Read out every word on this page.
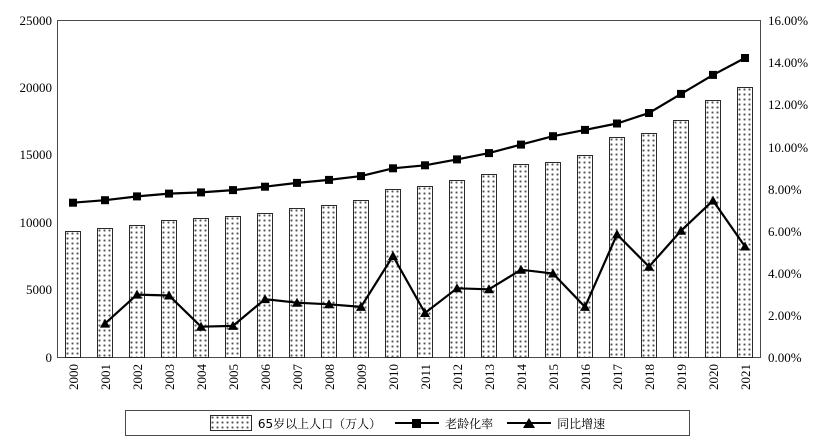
0
5000
10000
15000
20000
25000
0.00%
2.00%
4.00%
6.00%
8.00%
10.00%
12.00%
14.00%
16.00%
2000 2001 2002 2003 2004 2005 2006 2007 2008 2009 2010 2011 2012 2013 2014 2015 2016 2017 2018 2019 2020 2021
65岁以上人口（万人）	老龄化率	同比增速
